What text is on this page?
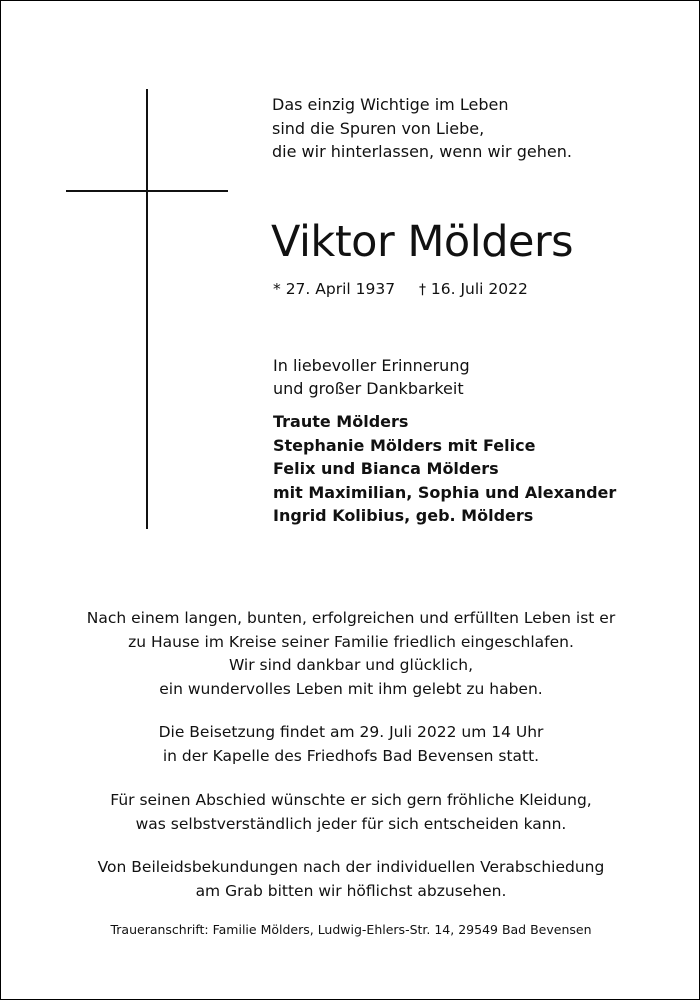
Das einzig Wichtige im Leben
sind die Spuren von Liebe,
die wir hinterlassen, wenn wir gehen.
Viktor Mölders
* 27. April 1937 † 16. Juli 2022
In liebevoller Erinnerung
und großer Dankbarkeit
Traute Mölders
Stephanie Mölders mit Felice
Felix und Bianca Mölders
mit Maximilian, Sophia und Alexander
Ingrid Kolibius, geb. Mölders
Nach einem langen, bunten, erfolgreichen und erfüllten Leben ist er
zu Hause im Kreise seiner Familie friedlich eingeschlafen.
Wir sind dankbar und glücklich,
ein wundervolles Leben mit ihm gelebt zu haben.
Die Beisetzung findet am 29. Juli 2022 um 14 Uhr
in der Kapelle des Friedhofs Bad Bevensen statt.
Für seinen Abschied wünschte er sich gern fröhliche Kleidung,
was selbstverständlich jeder für sich entscheiden kann.
Von Beileidsbekundungen nach der individuellen Verabschiedung
am Grab bitten wir höflichst abzusehen.
Traueranschrift: Familie Mölders, Ludwig-Ehlers-Str. 14, 29549 Bad Bevensen
